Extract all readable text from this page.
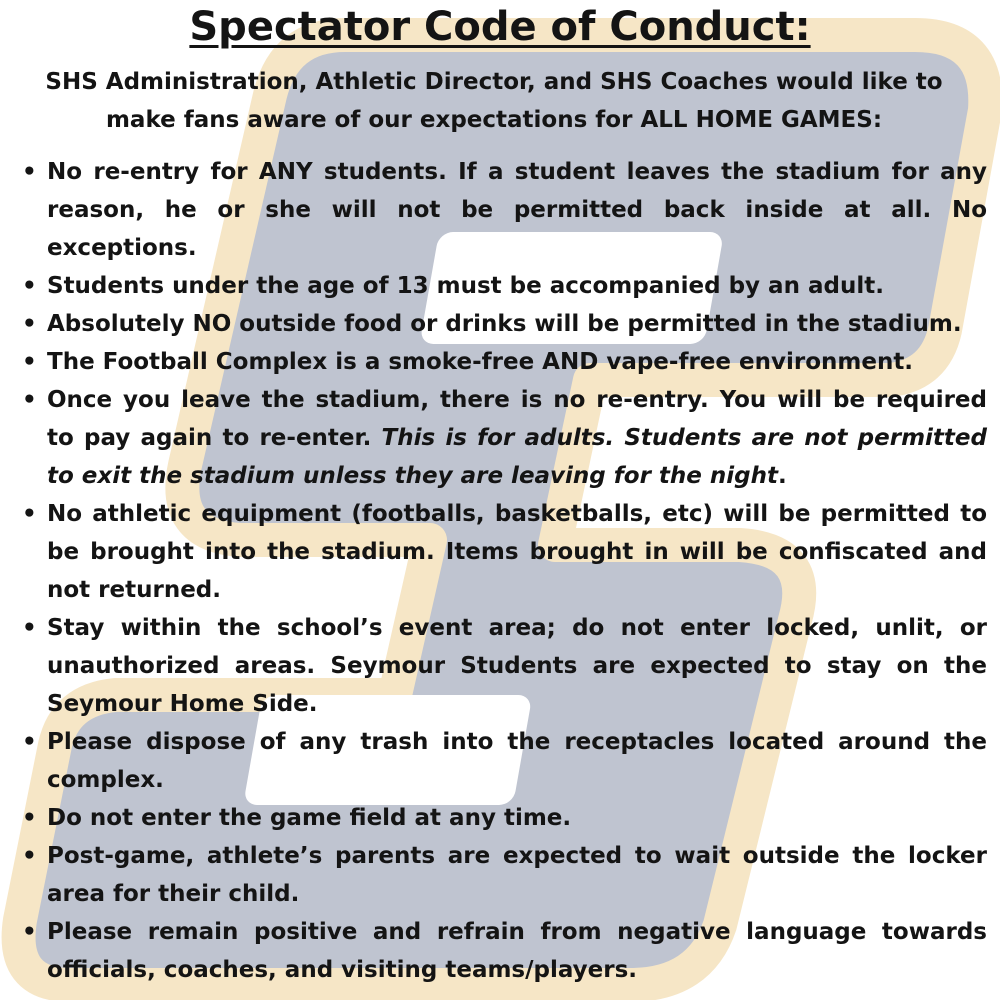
Spectator Code of Conduct:

SHS Administration, Athletic Director, and SHS Coaches would like to make fans aware of our expectations for ALL HOME GAMES:

• No re-entry for ANY students. If a student leaves the stadium for any reason, he or she will not be permitted back inside at all. No exceptions.
• Students under the age of 13 must be accompanied by an adult.
• Absolutely NO outside food or drinks will be permitted in the stadium.
• The Football Complex is a smoke-free AND vape-free environment.
• Once you leave the stadium, there is no re-entry. You will be required to pay again to re-enter. This is for adults. Students are not permitted to exit the stadium unless they are leaving for the night.
• No athletic equipment (footballs, basketballs, etc) will be permitted to be brought into the stadium. Items brought in will be confiscated and not returned.
• Stay within the school’s event area; do not enter locked, unlit, or unauthorized areas. Seymour Students are expected to stay on the Seymour Home Side.
• Please dispose of any trash into the receptacles located around the complex.
• Do not enter the game field at any time.
• Post-game, athlete’s parents are expected to wait outside the locker area for their child.
• Please remain positive and refrain from negative language towards officials, coaches, and visiting teams/players.
